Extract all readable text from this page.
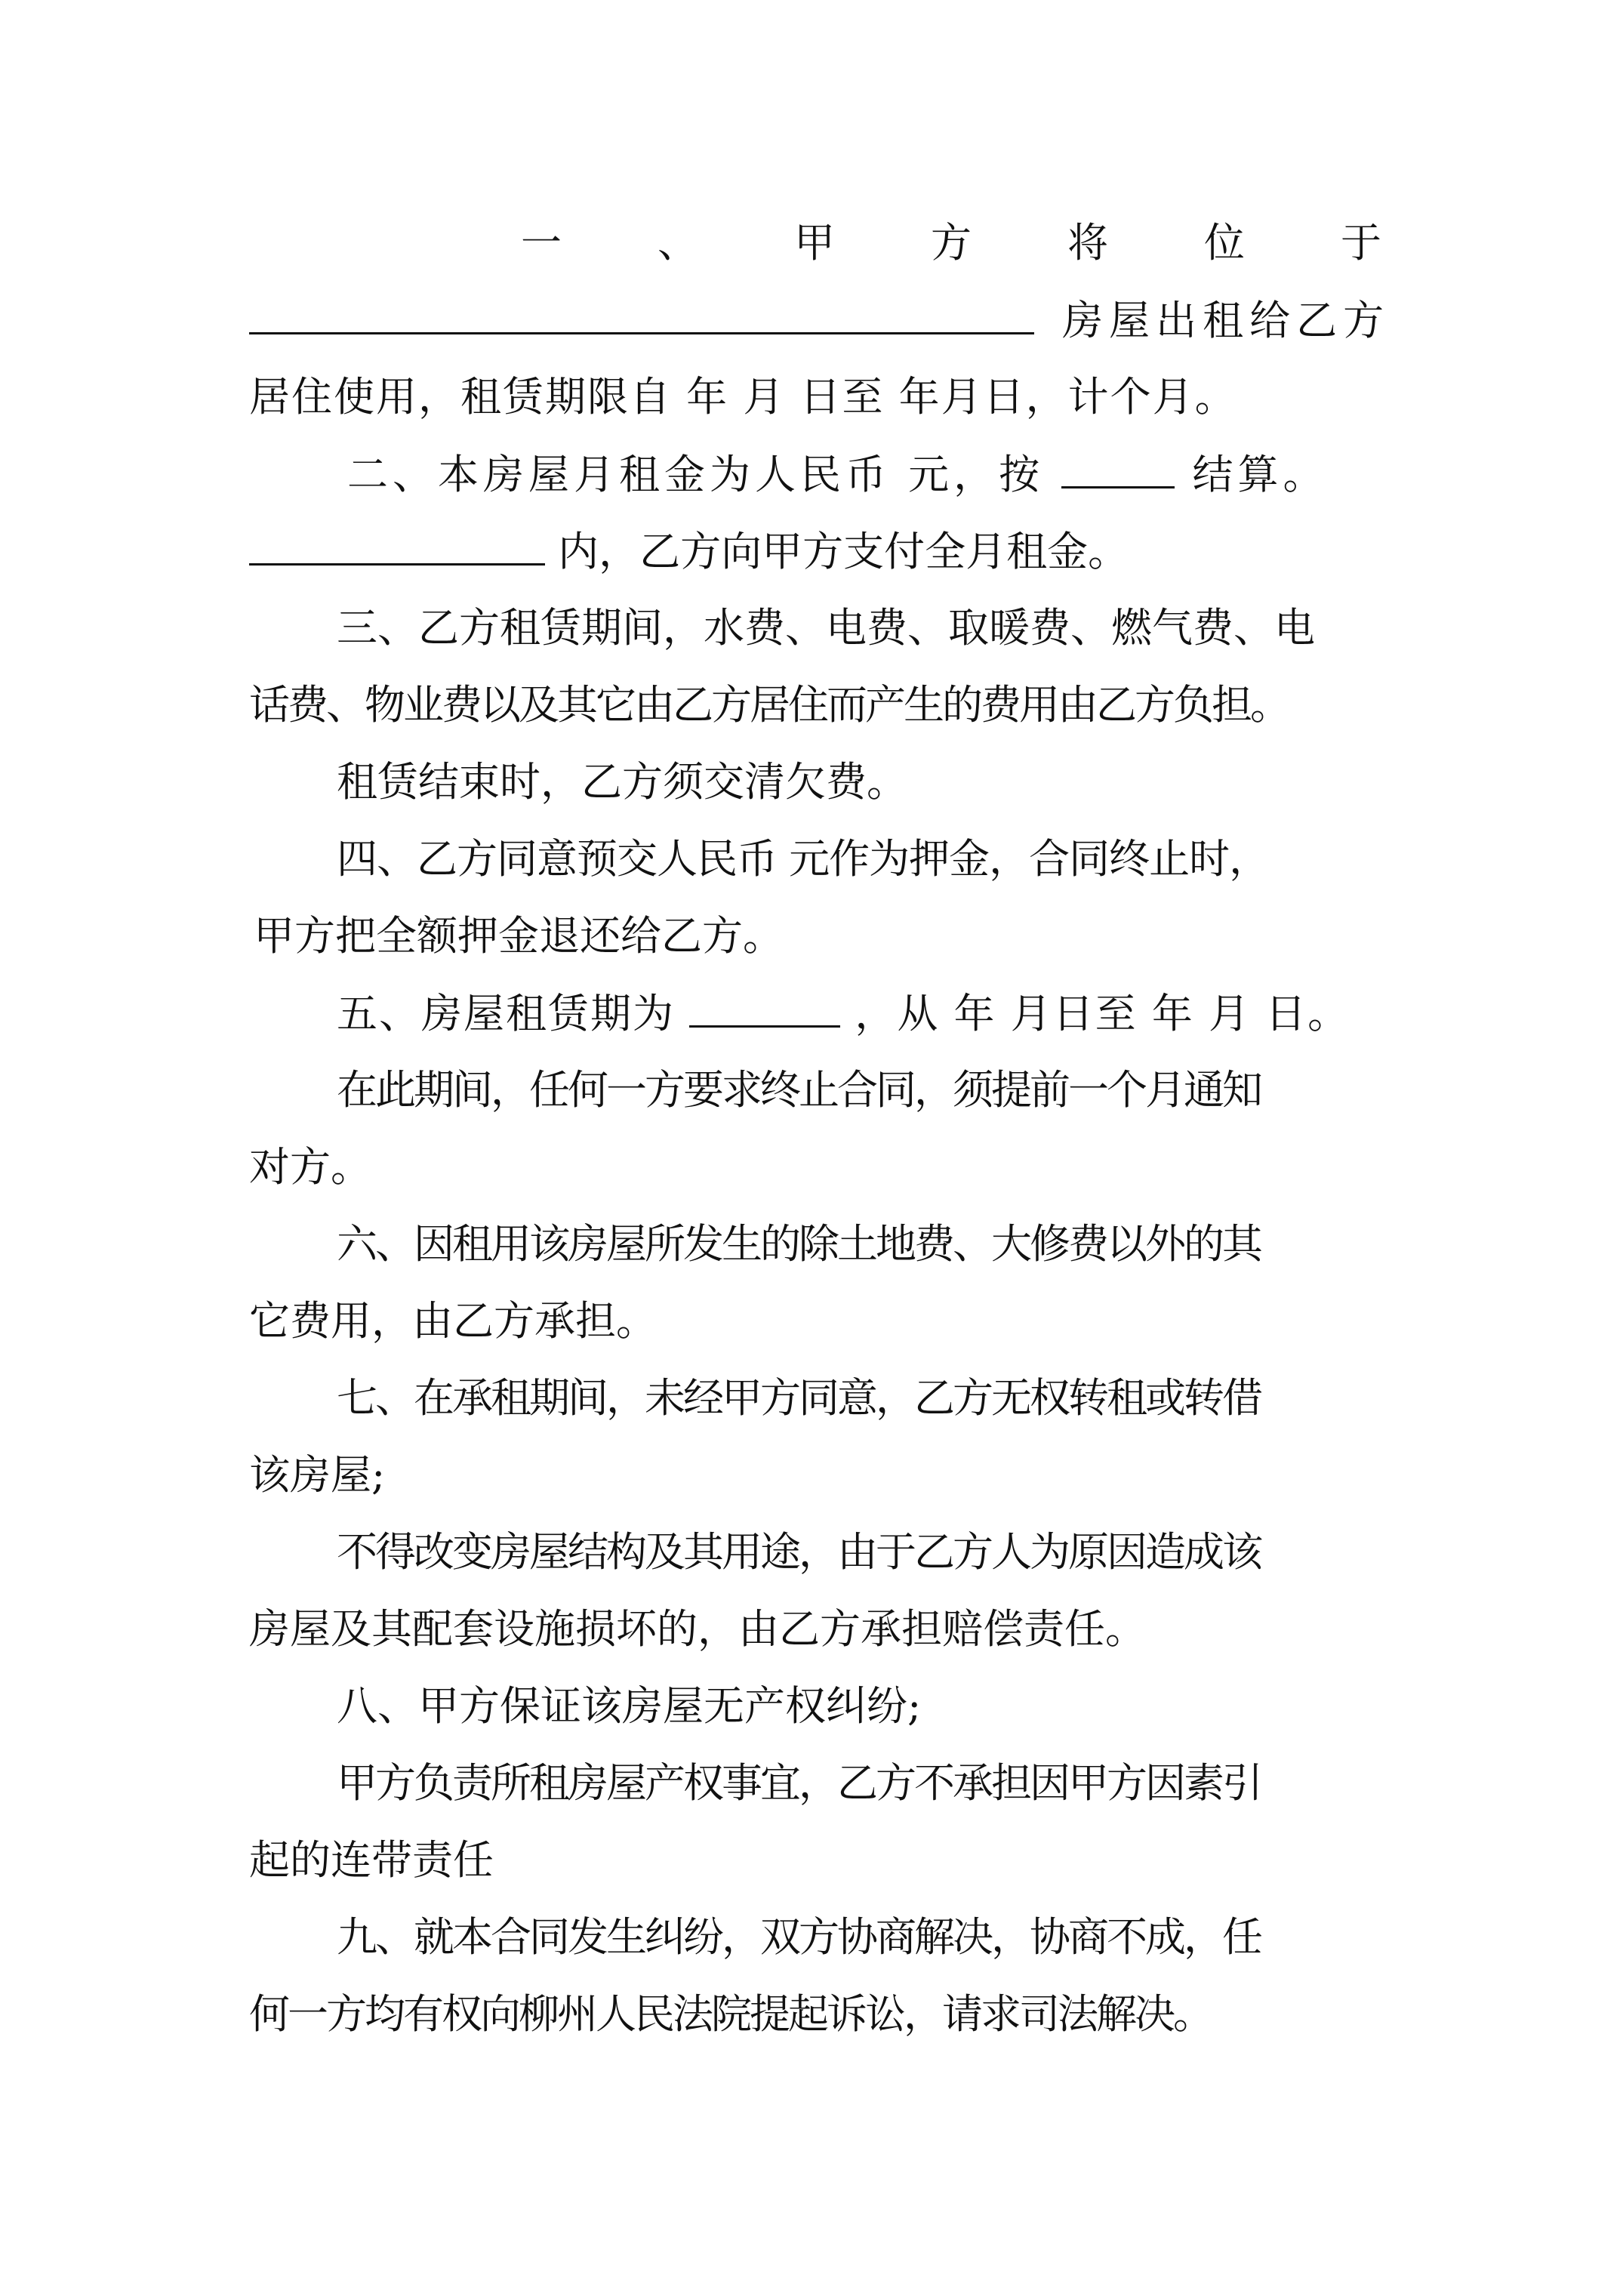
一 、 甲 方 将 位 于
房屋出租给乙方
居住使用，租赁期限自 年 月 日至 年月日，计个月。
二、本房屋月租金为人民币 元，按	结算。
内，乙方向甲方支付全月租金。
三、乙方租赁期间，水费、电费、取暖费、燃气费、电
话费、物业费以及其它由乙方居住而产生的费用由乙方负担。
租赁结束时，乙方须交清欠费。
四、乙方同意预交人民币 元作为押金，合同终止时，
甲方把全额押金退还给乙方。
五、房屋租赁期为	，从 年 月日至 年 月 日。
在此期间，任何一方要求终止合同，须提前一个月通知
对方。
六、因租用该房屋所发生的除土地费、大修费以外的其
它费用，由乙方承担。
七、在承租期间，未经甲方同意，乙方无权转租或转借
该房屋;
不得改变房屋结构及其用途，由于乙方人为原因造成该
房屋及其配套设施损坏的，由乙方承担赔偿责任。
八、甲方保证该房屋无产权纠纷;
甲方负责所租房屋产权事宜，乙方不承担因甲方因素引
起的连带责任
九、就本合同发生纠纷，双方协商解决，协商不成，任
何一方均有权向柳州人民法院提起诉讼，请求司法解决。
